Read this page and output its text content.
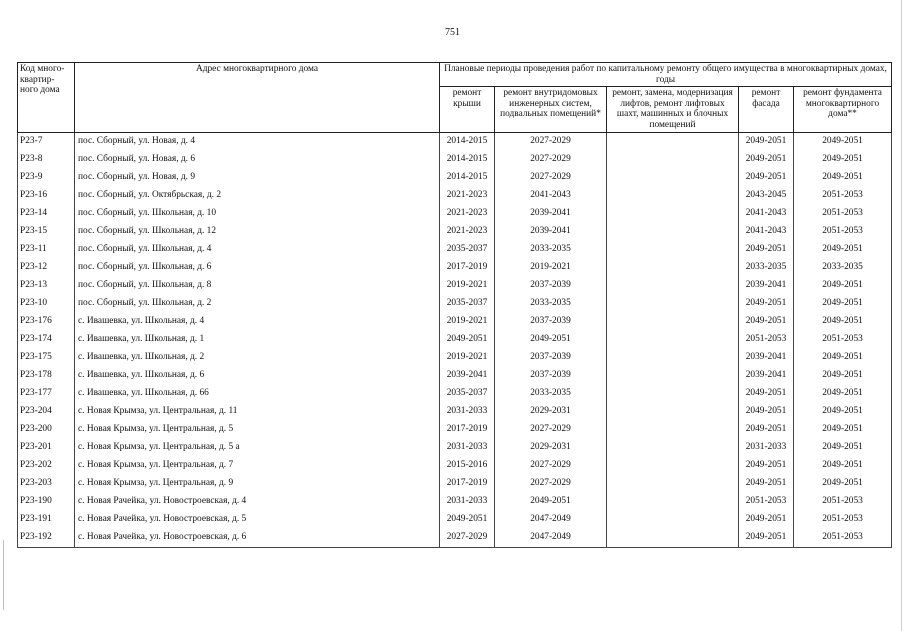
751
Код много-квартир-ного дома	Адрес многоквартирного дома	Плановые периоды проведения работ по капитальному ремонту общего имущества в многоквартирных домах, годы				
		ремонт крыши	ремонт внутридомовых инженерных систем, подвальных помещений*	ремонт, замена, модернизация лифтов, ремонт лифтовых шахт, машинных и блочных помещений	ремонт фасада	ремонт фундамента многоквартирного дома**
Р23-7	пос. Сборный, ул. Новая, д. 4	2014-2015	2027-2029		2049-2051	2049-2051
Р23-8	пос. Сборный, ул. Новая, д. 6	2014-2015	2027-2029		2049-2051	2049-2051
Р23-9	пос. Сборный, ул. Новая, д. 9	2014-2015	2027-2029		2049-2051	2049-2051
Р23-16	пос. Сборный, ул. Октябрьская, д. 2	2021-2023	2041-2043		2043-2045	2051-2053
Р23-14	пос. Сборный, ул. Школьная, д. 10	2021-2023	2039-2041		2041-2043	2051-2053
Р23-15	пос. Сборный, ул. Школьная, д. 12	2021-2023	2039-2041		2041-2043	2051-2053
Р23-11	пос. Сборный, ул. Школьная, д. 4	2035-2037	2033-2035		2049-2051	2049-2051
Р23-12	пос. Сборный, ул. Школьная, д. 6	2017-2019	2019-2021		2033-2035	2033-2035
Р23-13	пос. Сборный, ул. Школьная, д. 8	2019-2021	2037-2039		2039-2041	2049-2051
Р23-10	пос. Сборный, ул. Школьная, д. 2	2035-2037	2033-2035		2049-2051	2049-2051
Р23-176	с. Ивашевка, ул. Школьная, д. 4	2019-2021	2037-2039		2049-2051	2049-2051
Р23-174	с. Ивашевка, ул. Школьная, д. 1	2049-2051	2049-2051		2051-2053	2051-2053
Р23-175	с. Ивашевка, ул. Школьная, д. 2	2019-2021	2037-2039		2039-2041	2049-2051
Р23-178	с. Ивашевка, ул. Школьная, д. 6	2039-2041	2037-2039		2039-2041	2049-2051
Р23-177	с. Ивашевка, ул. Школьная, д. 66	2035-2037	2033-2035		2049-2051	2049-2051
Р23-204	с. Новая Крымза, ул. Центральная, д. 11	2031-2033	2029-2031		2049-2051	2049-2051
Р23-200	с. Новая Крымза, ул. Центральная, д. 5	2017-2019	2027-2029		2049-2051	2049-2051
Р23-201	с. Новая Крымза, ул. Центральная, д. 5 а	2031-2033	2029-2031		2031-2033	2049-2051
Р23-202	с. Новая Крымза, ул. Центральная, д. 7	2015-2016	2027-2029		2049-2051	2049-2051
Р23-203	с. Новая Крымза, ул. Центральная, д. 9	2017-2019	2027-2029		2049-2051	2049-2051
Р23-190	с. Новая Рачейка, ул. Новостроевская, д. 4	2031-2033	2049-2051		2051-2053	2051-2053
Р23-191	с. Новая Рачейка, ул. Новостроевская, д. 5	2049-2051	2047-2049		2049-2051	2051-2053
Р23-192	с. Новая Рачейка, ул. Новостроевская, д. 6	2027-2029	2047-2049		2049-2051	2051-2053
